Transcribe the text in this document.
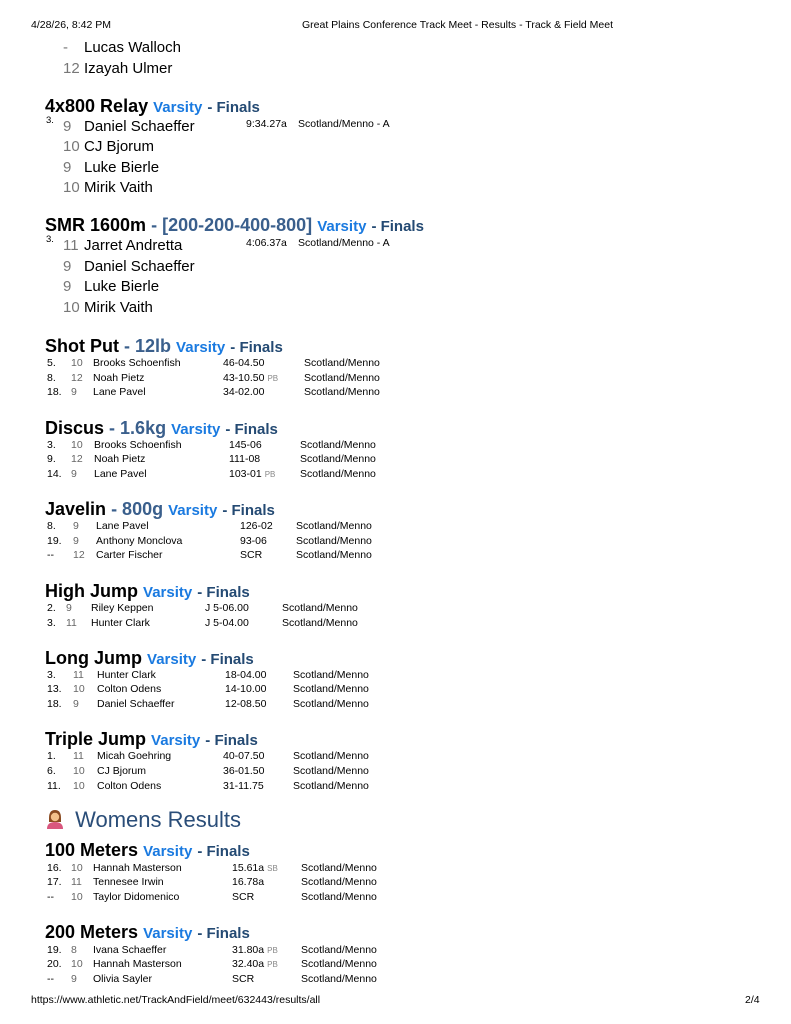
4/28/26, 8:42 PM	Great Plains Conference Track Meet - Results - Track & Field Meet
- Lucas Walloch
12 Izayah Ulmer
4x800 Relay Varsity - Finals
3. 9 Daniel Schaeffer	9:34.27a Scotland/Menno - A
10 CJ Bjorum
9 Luke Bierle
10 Mirik Vaith
SMR 1600m - [200-200-400-800] Varsity - Finals
3. 11 Jarret Andretta	4:06.37a Scotland/Menno - A
9 Daniel Schaeffer
9 Luke Bierle
10 Mirik Vaith
Womens Results
Shot Put - 12lb Varsity - Finals
5. 10 Brooks Schoenfish	46-04.50	Scotland/Menno
8. 12 Noah Pietz	43-10.50 PB Scotland/Menno
18. 9 Lane Pavel	34-02.00	Scotland/Menno
Discus - 1.6kg Varsity - Finals
3. 10 Brooks Schoenfish	145-06	Scotland/Menno
9. 12 Noah Pietz	111-08	Scotland/Menno
14. 9 Lane Pavel	103-01 PB Scotland/Menno
Javelin - 800g Varsity - Finals
8. 9 Lane Pavel	126-02 Scotland/Menno
19. 9 Anthony Monclova	93-06	Scotland/Menno
-- 12 Carter Fischer	SCR	Scotland/Menno
High Jump Varsity - Finals
2. 9 Riley Keppen	J 5-06.00	Scotland/Menno
3. 11 Hunter Clark	J 5-04.00	Scotland/Menno
Long Jump Varsity - Finals
3. 11 Hunter Clark	18-04.00	Scotland/Menno
13. 10 Colton Odens	14-10.00	Scotland/Menno
18. 9 Daniel Schaeffer	12-08.50	Scotland/Menno
Triple Jump Varsity - Finals
1. 11 Micah Goehring	40-07.50	Scotland/Menno
6. 10 CJ Bjorum	36-01.50	Scotland/Menno
11. 10 Colton Odens	31-11.75	Scotland/Menno
100 Meters Varsity - Finals
16. 10 Hannah Masterson	15.61a SB Scotland/Menno
17. 11 Tennesee Irwin	16.78a	Scotland/Menno
-- 10 Taylor Didomenico	SCR	Scotland/Menno
200 Meters Varsity - Finals
19. 8 Ivana Schaeffer	31.80a PB Scotland/Menno
20. 10 Hannah Masterson	32.40a PB Scotland/Menno
-- 9 Olivia Sayler	SCR	Scotland/Menno
https://www.athletic.net/TrackAndField/meet/632443/results/all	2/4
